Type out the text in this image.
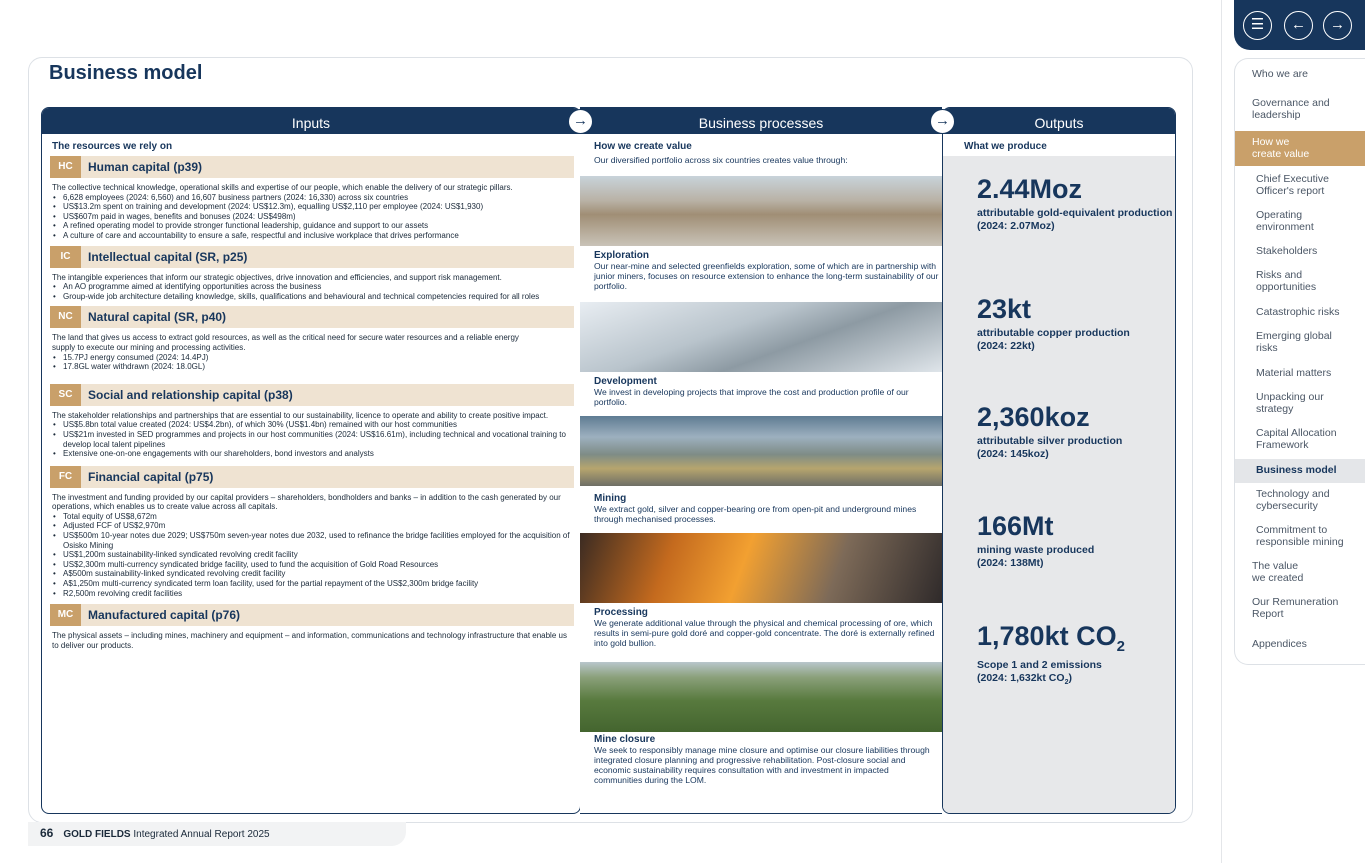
Business model
→	→
Inputs
The resources we rely on
HC	Human capital (p39)
The collective technical knowledge, operational skills and expertise of our people, which enable the delivery of our strategic pillars.
• 6,628 employees (2024: 6,560) and 16,607 business partners (2024: 16,330) across six countries
• US$13.2m spent on training and development (2024: US$12.3m), equalling US$2,110 per employee (2024: US$1,930)
• US$607m paid in wages, benefits and bonuses (2024: US$498m)
• A refined operating model to provide stronger functional leadership, guidance and support to our assets
• A culture of care and accountability to ensure a safe, respectful and inclusive workplace that drives performance
IC	Intellectual capital (SR, p25)
The intangible experiences that inform our strategic objectives, drive innovation and efficiencies, and support risk management.
• An AO programme aimed at identifying opportunities across the business
• Group-wide job architecture detailing knowledge, skills, qualifications and behavioural and technical competencies required for all roles
NC	Natural capital (SR, p40)
The land that gives us access to extract gold resources, as well as the critical need for secure water resources and a reliable energy supply to execute our mining and processing activities.
• 15.7PJ energy consumed (2024: 14.4PJ)
• 17.8GL water withdrawn (2024: 18.0GL)
SC	Social and relationship capital (p38)
The stakeholder relationships and partnerships that are essential to our sustainability, licence to operate and ability to create positive impact.
• US$5.8bn total value created (2024: US$4.2bn), of which 30% (US$1.4bn) remained with our host communities
• US$21m invested in SED programmes and projects in our host communities (2024: US$16.61m), including technical and vocational training to develop local talent pipelines
• Extensive one-on-one engagements with our shareholders, bond investors and analysts
FC	Financial capital (p75)
The investment and funding provided by our capital providers – shareholders, bondholders and banks – in addition to the cash generated by our operations, which enables us to create value across all capitals.
• Total equity of US$8,672m
• Adjusted FCF of US$2,970m
• US$500m 10-year notes due 2029; US$750m seven-year notes due 2032, used to refinance the bridge facilities employed for the acquisition of Osisko Mining
• US$1,200m sustainability-linked syndicated revolving credit facility
• US$2,300m multi-currency syndicated bridge facility, used to fund the acquisition of Gold Road Resources
• A$500m sustainability-linked syndicated revolving credit facility
• A$1,250m multi-currency syndicated term loan facility, used for the partial repayment of the US$2,300m bridge facility
• R2,500m revolving credit facilities
MC	Manufactured capital (p76)
The physical assets – including mines, machinery and equipment – and information, communications and technology infrastructure that enable us to deliver our products.
Business processes
How we create value
Our diversified portfolio across six countries creates value through:
Exploration
Our near-mine and selected greenfields exploration, some of which are in partnership with junior miners, focuses on resource extension to enhance the long-term sustainability of our portfolio.
Development
We invest in developing projects that improve the cost and production profile of our portfolio.
Mining
We extract gold, silver and copper-bearing ore from open-pit and underground mines through mechanised processes.
Processing
We generate additional value through the physical and chemical processing of ore, which results in semi-pure gold doré and copper-gold concentrate. The doré is externally refined into gold bullion.
Mine closure
We seek to responsibly manage mine closure and optimise our closure liabilities through integrated closure planning and progressive rehabilitation. Post-closure social and economic sustainability requires consultation with and investment in impacted communities during the LOM.
Outputs
What we produce
2.44Moz
attributable gold-equivalent production
(2024: 2.07Moz)
23kt
attributable copper production
(2024: 22kt)
2,360koz
attributable silver production
(2024: 145koz)
166Mt
mining waste produced
(2024: 138Mt)
1,780kt $CO_2$
Scope 1 and 2 emissions
(2024: 1,632kt $CO_2$)
66 GOLD FIELDS Integrated Annual Report 2025
☰	←	→
Who we are
Governance and leadership
How we create value
Chief Executive Officer's report
Operating environment
Stakeholders
Risks and opportunities
Catastrophic risks
Emerging global risks
Material matters
Unpacking our strategy
Capital Allocation Framework
Business model
Technology and cybersecurity
Commitment to responsible mining
The value we created
Our Remuneration Report
Appendices
